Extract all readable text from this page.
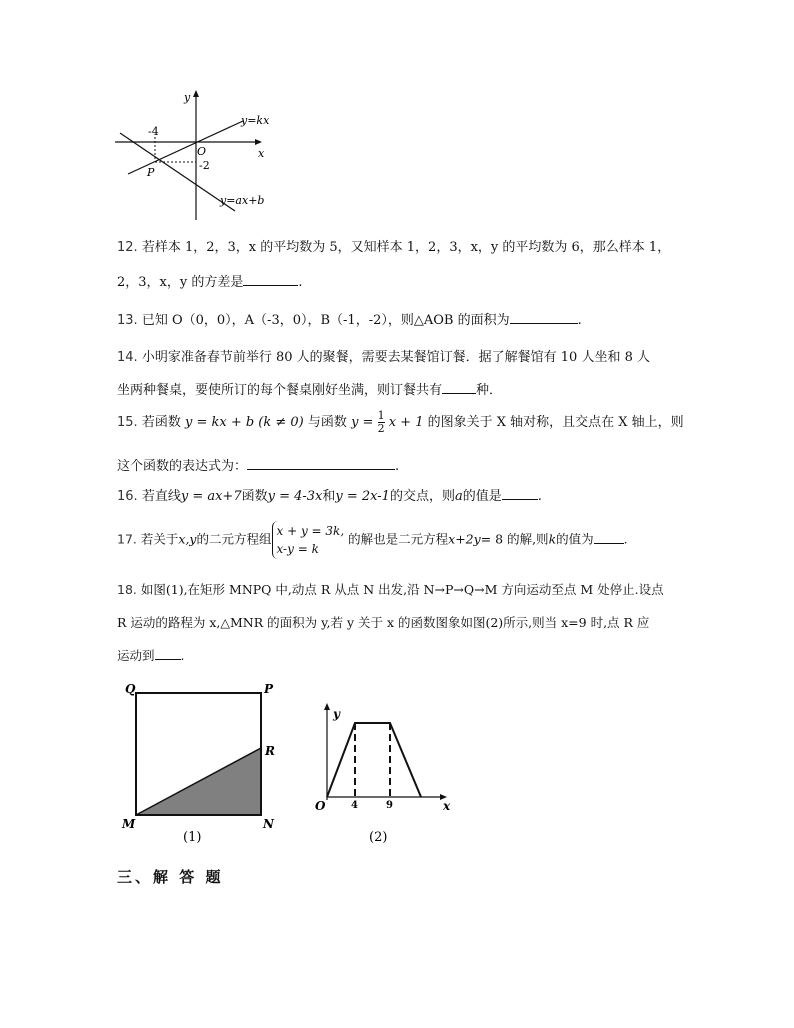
y
x
O
-4
-2
P
y=kx
y=ax+b
12. 若样本 1，2，3，x 的平均数为 5，又知样本 1，2，3，x，y 的平均数为 6，那么样本 1，
2，3，x，y 的方差是	.
13. 已知 O（0，0），A（-3，0），B（-1，-2），则△AOB 的面积为	.
14. 小明家准备春节前举行 80 人的聚餐，需要去某餐馆订餐．据了解餐馆有 10 人坐和 8 人
坐两种餐桌，要使所订的每个餐桌刚好坐满，则订餐共有	种．
15. 若函数 y = kx + b (k ≠ 0) 与函数 $y = \frac{1}{2}$ x + 1 的图象关于 X 轴对称，且交点在 X 轴上，则
这个函数的表达式为：	.
16. 若直线y = ax+7函数y = 4-3x和y = 2x-1的交点，则a的值是	.
17. 若关于x,y的二元方程组
x + y = 3k,
x-y = k
的解也是二元方程x+2y= 8 的解,则k的值为 .
18. 如图(1),在矩形 MNPQ 中,动点 R 从点 N 出发,沿 N→P→Q→M 方向运动至点 M 处停止.设点
R 运动的路程为 x,△MNR 的面积为 y,若 y 关于 x 的函数图象如图(2)所示,则当 x=9 时,点 R 应
运动到 .
Q	P
R
M	N
(1)
y
x
O	4	9
(2)
三、解 答 题
